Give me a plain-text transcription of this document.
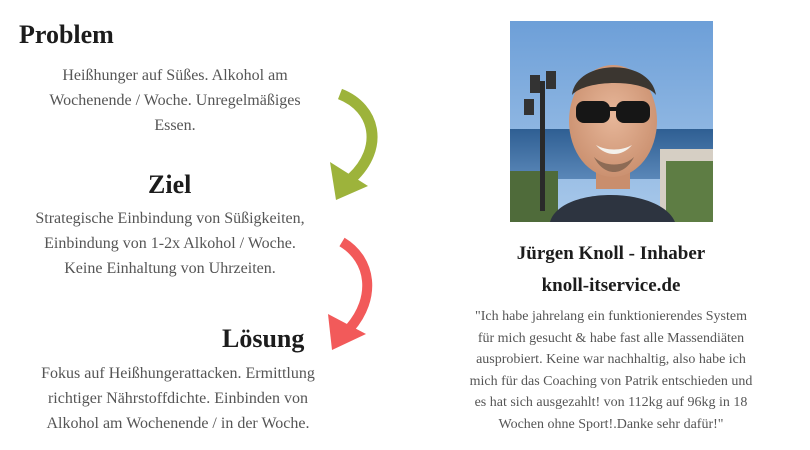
Problem

Heißhunger auf Süßes. Alkohol am
Wochenende / Woche. Unregelmäßiges
Essen.

Ziel

Strategische Einbindung von Süßigkeiten,
Einbindung von 1-2x Alkohol / Woche.
Keine Einhaltung von Uhrzeiten.

Lösung

Fokus auf Heißhungerattacken. Ermittlung
richtiger Nährstoffdichte. Einbinden von
Alkohol am Wochenende / in der Woche.

Jürgen Knoll - Inhaber

knoll-itservice.de

"Ich habe jahrelang ein funktionierendes System
für mich gesucht & habe fast alle Massendiäten
ausprobiert. Keine war nachhaltig, also habe ich
mich für das Coaching von Patrik entschieden und
es hat sich ausgezahlt! von 112kg auf 96kg in 18
Wochen ohne Sport!.Danke sehr dafür!"
